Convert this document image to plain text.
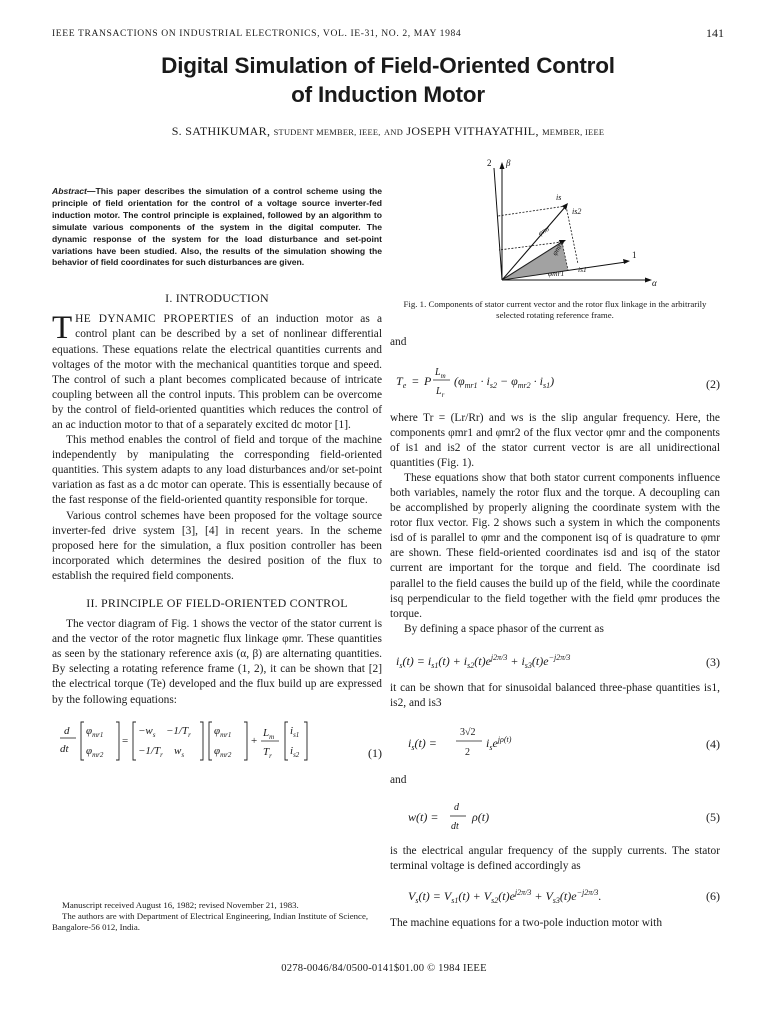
IEEE TRANSACTIONS ON INDUSTRIAL ELECTRONICS, VOL. IE-31, NO. 2, MAY 1984	141
Digital Simulation of Field-Oriented Control
of Induction Motor
S. SATHIKUMAR, STUDENT MEMBER, IEEE, AND JOSEPH VITHAYATHIL, MEMBER, IEEE
Abstract—This paper describes the simulation of a control scheme using the principle of field orientation for the control of a voltage source inverter-fed induction motor. The control principle is explained, followed by an algorithm to simulate various components of the system in the digital computer. The dynamic response of the system for the load disturbance and set-point variations have been studied. Also, the results of the simulation showing the behavior of field coordinates for such disturbances are given.
I. INTRODUCTION

THE DYNAMIC PROPERTIES of an induction motor as a control plant can be described by a set of nonlinear differential equations. These equations relate the electrical quantities currents and voltages of the motor with the mechanical quantities torque and speed. The control of such a plant becomes complicated because of intricate coupling between all the control inputs. This problem can be overcome by the control of field-oriented quantities which reduces the control of an ac induction motor to that of a separately excited dc motor [1].

This method enables the control of field and torque of the machine independently by manipulating the corresponding field-oriented quantities. This system adapts to any load disturbances and/or set-point variation as fast as a dc motor can operate. This is essentially because of the fast response of the field-oriented quantity responsible for torque.

Various control schemes have been proposed for the voltage source inverter-fed drive system [3], [4] in recent years. In the scheme proposed here for the simulation, a flux position controller has been incorporated which determines the desired position of the flux to establish the required field components.

II. PRINCIPLE OF FIELD-ORIENTED CONTROL

The vector diagram of Fig. 1 shows the vector of the stator current is and the vector of the rotor magnetic flux linkage φmr. These quantities as seen by the stationary reference axis (α, β) are alternating quantities. By selecting a rotating reference frame (1, 2), it can be shown that [2] the electrical torque (Te) developed and the flux build up are expressed by the following equations:

d
dt
$\varphi_{mr1}$
$\varphi_{mr2}$
=
$-w_s -1/T_r$
$-1/T_r$ $w_s$
$\varphi_{mr1}$
$\varphi_{mr2}$
+
$L_m$
$T_r$
$i_{s1}$
$i_{s2}$	(1)
Manuscript received August 16, 1982; revised November 21, 1983.
The authors are with Department of Electrical Engineering, Indian Institute of Science, Bangalore-56 012, India.
2 β
α
1
is
is2
is1
φmr
φmr2
φmr1
Fig. 1. Components of stator current vector and the rotor flux linkage in the arbitrarily selected rotating reference frame.

and

$T_e = P$
$L_m$
$L_r$
$(\varphi_{mr1} \cdot i_{s2} - \varphi_{mr2} \cdot i_{s1})$	(2)

where Tr = (Lr/Rr) and ws is the slip angular frequency. Here, the components φmr1 and φmr2 of the flux vector φmr and the components of is1 and is2 of the stator current vector is are all unidirectional quantities (Fig. 1).

These equations show that both stator current components influence both variables, namely the rotor flux and the torque. A decoupling can be accomplished by properly aligning the coordinate system with the rotor flux vector. Fig. 2 shows such a system in which the components isd of is parallel to φmr and the component isq of is quadrature to φmr are shown. These field-oriented coordinates isd and isq of the stator current are important for the torque and field. The coordinate isd parallel to the field causes the build up of the field, while the coordinate isq perpendicular to the field together with the field φmr produces the torque.

By defining a space phasor of the current as

$i_s(t) = i_{s1}(t) + i_{s2}(t)e^{j2\pi/3} + i_{s3}(t)e^{-j2\pi/3}$	(3)

it can be shown that for sinusoidal balanced three-phase quantities is1, is2, and is3

$i_s(t)$ =
3√2
2
$i_se^{j\rho(t)}$	(4)

and

w(t) =
d
dt
ρ(t)	(5)

is the electrical angular frequency of the supply currents. The stator terminal voltage is defined accordingly as

$V_s(t) = V_{s1}(t) + V_{s2}(t)e^{j2\pi/3} + V_{s3}(t)e^{-j2\pi/3}$.	(6)

The machine equations for a two-pole induction motor with

0278-0046/84/0500-0141$01.00 © 1984 IEEE
